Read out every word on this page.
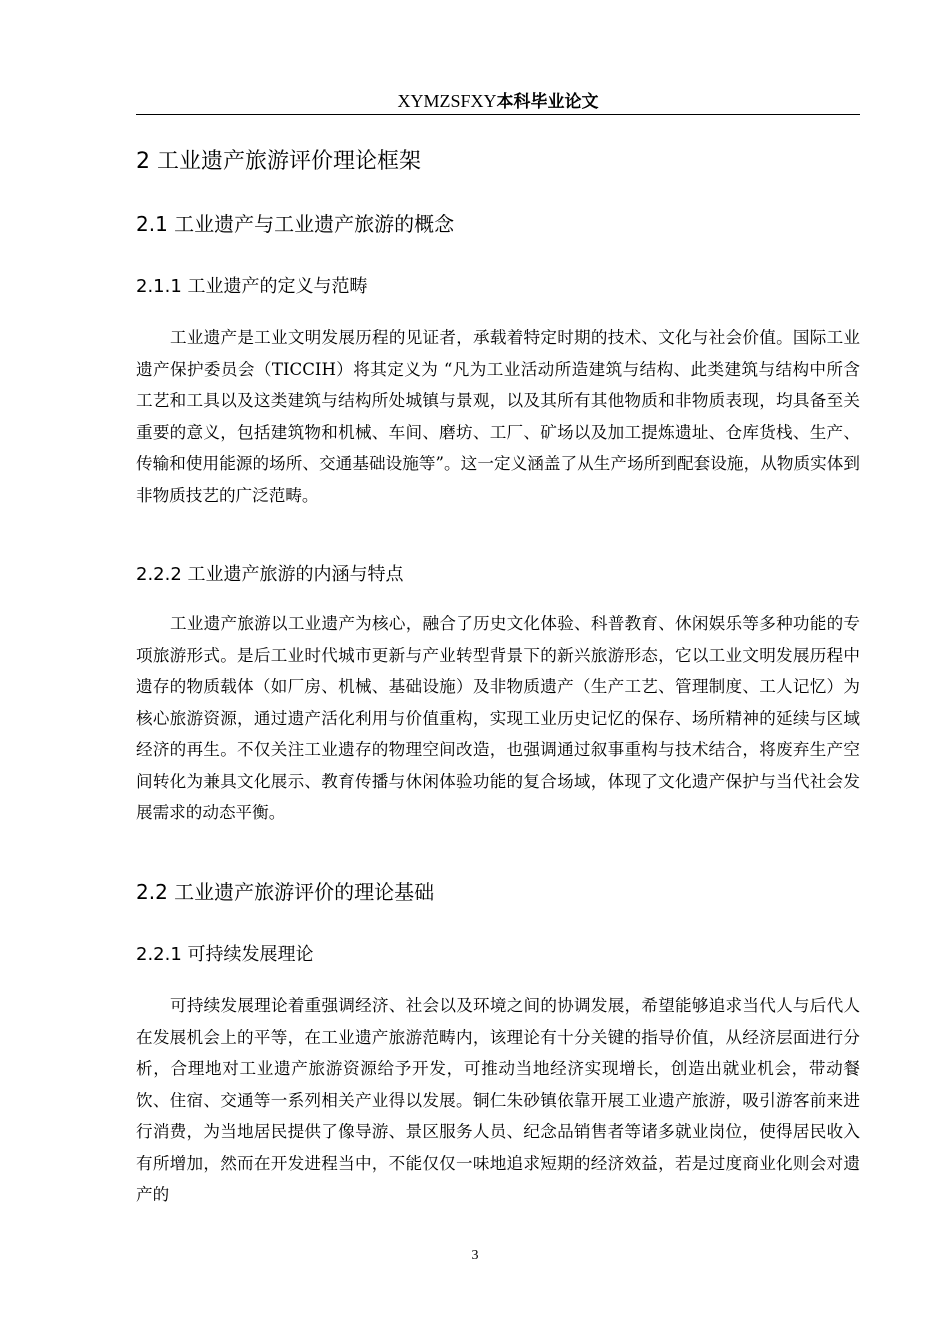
XYMZSFXY本科毕业论文
2 工业遗产旅游评价理论框架
2.1 工业遗产与工业遗产旅游的概念
2.1.1 工业遗产的定义与范畴

工业遗产是工业文明发展历程的见证者，承载着特定时期的技术、文化与社会价值。国际工业遗产保护委员会（TICCIH）将其定义为 “凡为工业活动所造建筑与结构、此类建筑与结构中所含工艺和工具以及这类建筑与结构所处城镇与景观，以及其所有其他物质和非物质表现，均具备至关重要的意义，包括建筑物和机械、车间、磨坊、工厂、矿场以及加工提炼遗址、仓库货栈、生产、传输和使用能源的场所、交通基础设施等”。这一定义涵盖了从生产场所到配套设施，从物质实体到非物质技艺的广泛范畴。

2.2.2 工业遗产旅游的内涵与特点

工业遗产旅游以工业遗产为核心，融合了历史文化体验、科普教育、休闲娱乐等多种功能的专项旅游形式。是后工业时代城市更新与产业转型背景下的新兴旅游形态，它以工业文明发展历程中遗存的物质载体（如厂房、机械、基础设施）及非物质遗产（生产工艺、管理制度、工人记忆）为核心旅游资源，通过遗产活化利用与价值重构，实现工业历史记忆的保存、场所精神的延续与区域经济的再生。不仅关注工业遗存的物理空间改造，也强调通过叙事重构与技术结合，将废弃生产空间转化为兼具文化展示、教育传播与休闲体验功能的复合场域，体现了文化遗产保护与当代社会发展需求的动态平衡。

2.2 工业遗产旅游评价的理论基础
2.2.1 可持续发展理论

可持续发展理论着重强调经济、社会以及环境之间的协调发展，希望能够追求当代人与后代人在发展机会上的平等，在工业遗产旅游范畴内，该理论有十分关键的指导价值，从经济层面进行分析，合理地对工业遗产旅游资源给予开发，可推动当地经济实现增长，创造出就业机会，带动餐饮、住宿、交通等一系列相关产业得以发展。铜仁朱砂镇依靠开展工业遗产旅游，吸引游客前来进行消费，为当地居民提供了像导游、景区服务人员、纪念品销售者等诸多就业岗位，使得居民收入有所增加，然而在开发进程当中，不能仅仅一味地追求短期的经济效益，若是过度商业化则会对遗产的

3
